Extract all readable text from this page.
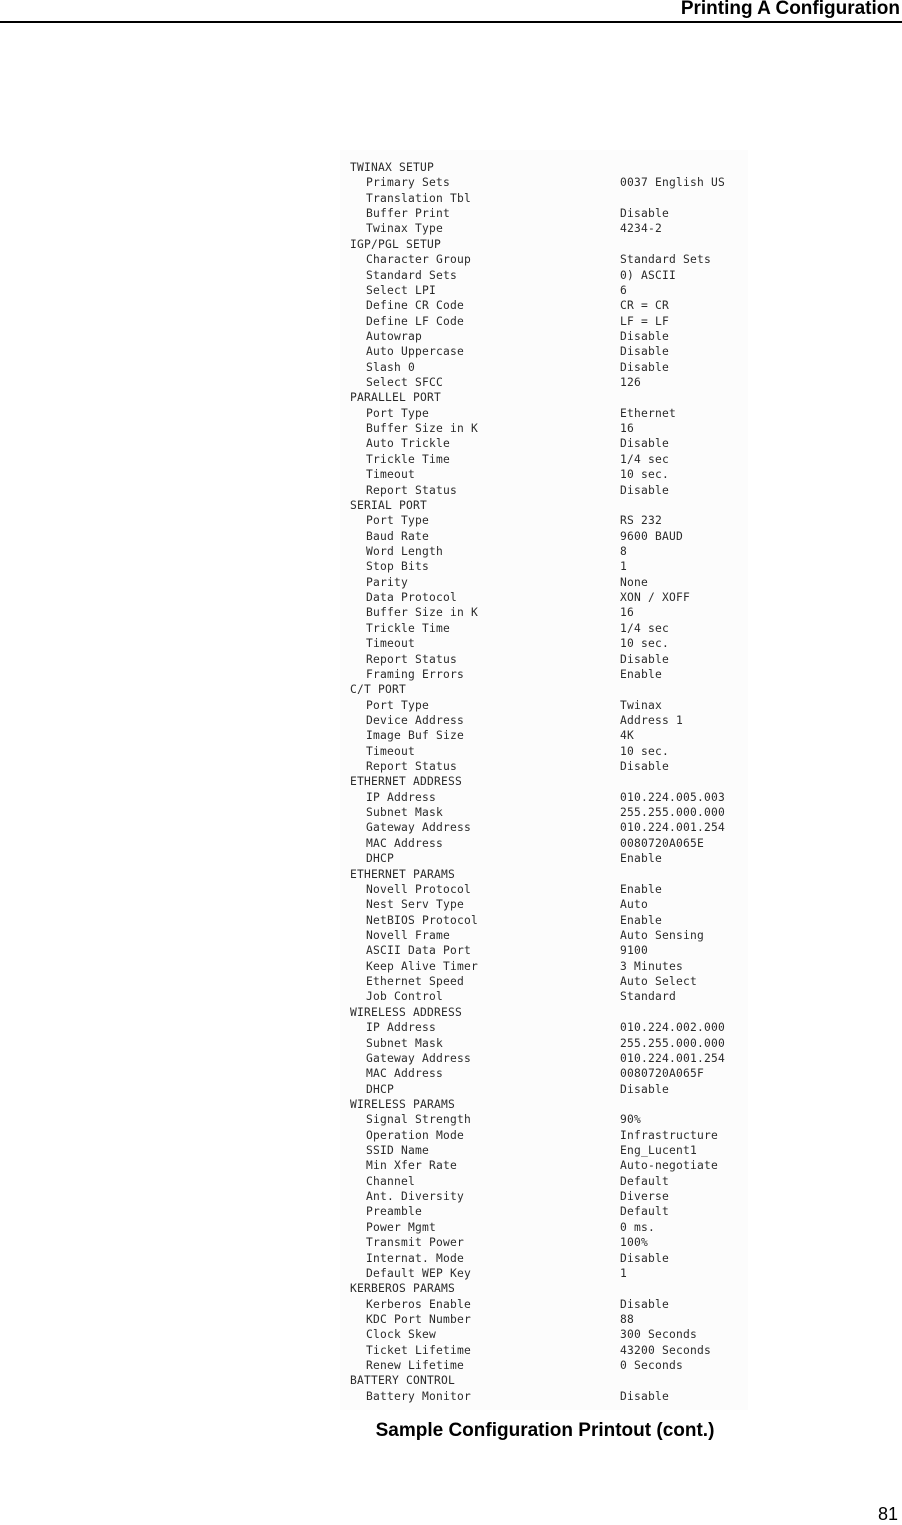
Printing A Configuration
TWINAX SETUP
Primary Sets	0037 English US
Translation Tbl
Buffer Print	Disable
Twinax Type	4234-2
IGP/PGL SETUP
Character Group	Standard Sets
Standard Sets	0) ASCII
Select LPI	6
Define CR Code	CR = CR
Define LF Code	LF = LF
Autowrap	Disable
Auto Uppercase	Disable
Slash 0	Disable
Select SFCC	126
PARALLEL PORT
Port Type	Ethernet
Buffer Size in K	16
Auto Trickle	Disable
Trickle Time	1/4 sec
Timeout	10 sec.
Report Status	Disable
SERIAL PORT
Port Type	RS 232
Baud Rate	9600 BAUD
Word Length	8
Stop Bits	1
Parity	None
Data Protocol	XON / XOFF
Buffer Size in K	16
Trickle Time	1/4 sec
Timeout	10 sec.
Report Status	Disable
Framing Errors	Enable
C/T PORT
Port Type	Twinax
Device Address	Address 1
Image Buf Size	4K
Timeout	10 sec.
Report Status	Disable
ETHERNET ADDRESS
IP Address	010.224.005.003
Subnet Mask	255.255.000.000
Gateway Address	010.224.001.254
MAC Address	0080720A065E
DHCP	Enable
ETHERNET PARAMS
Novell Protocol	Enable
Nest Serv Type	Auto
NetBIOS Protocol	Enable
Novell Frame	Auto Sensing
ASCII Data Port	9100
Keep Alive Timer	3 Minutes
Ethernet Speed	Auto Select
Job Control	Standard
WIRELESS ADDRESS
IP Address	010.224.002.000
Subnet Mask	255.255.000.000
Gateway Address	010.224.001.254
MAC Address	0080720A065F
DHCP	Disable
WIRELESS PARAMS
Signal Strength	90%
Operation Mode	Infrastructure
SSID Name	Eng_Lucent1
Min Xfer Rate	Auto-negotiate
Channel	Default
Ant. Diversity	Diverse
Preamble	Default
Power Mgmt	0 ms.
Transmit Power	100%
Internat. Mode	Disable
Default WEP Key	1
KERBEROS PARAMS
Kerberos Enable	Disable
KDC Port Number	88
Clock Skew	300 Seconds
Ticket Lifetime	43200 Seconds
Renew Lifetime	0 Seconds
BATTERY CONTROL
Battery Monitor	Disable
Sample Configuration Printout (cont.)
81
